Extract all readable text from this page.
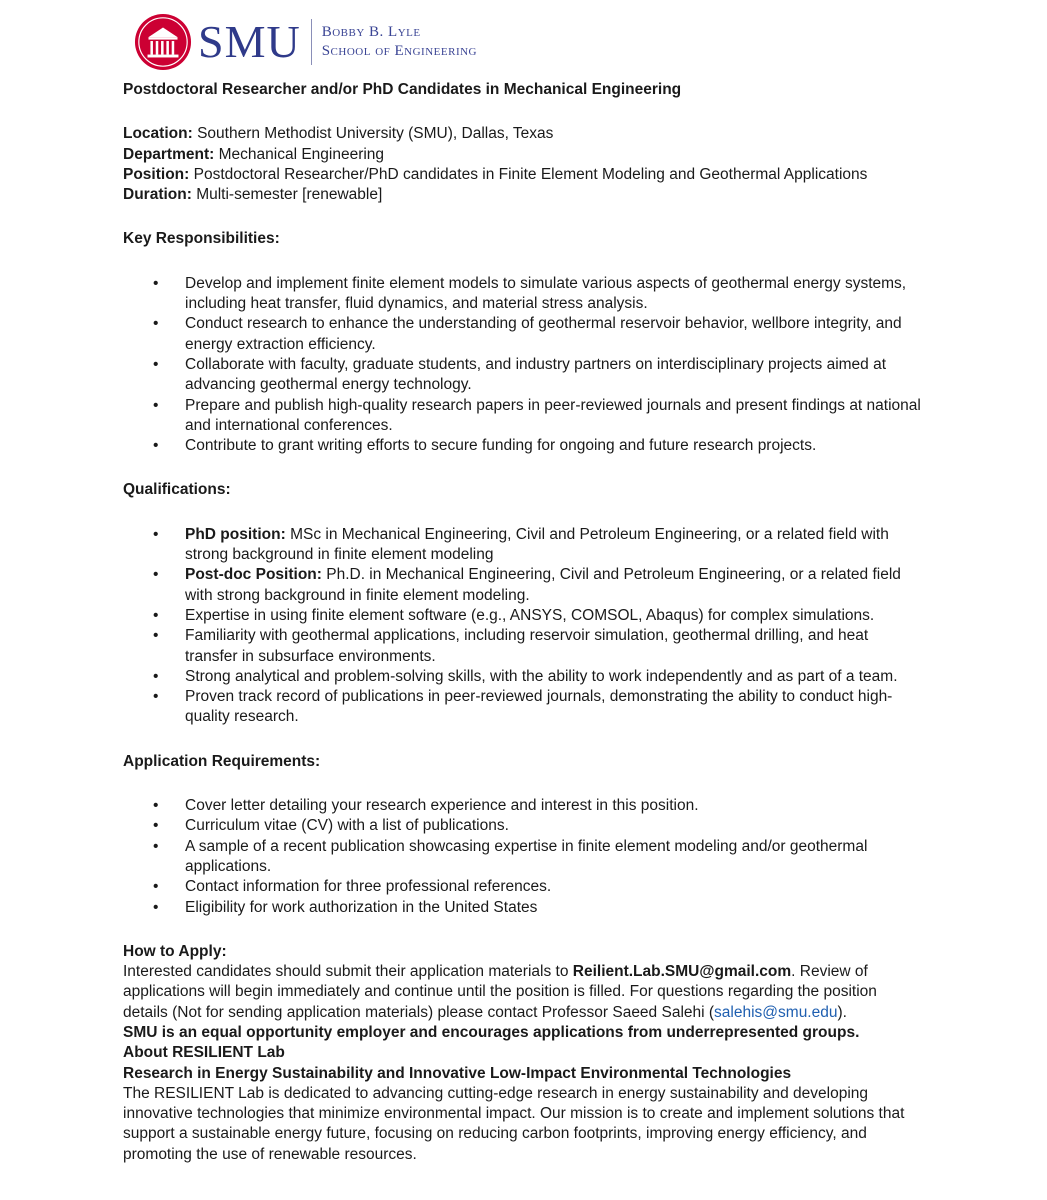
SMU Bobby B. Lyle
School of Engineering
Postdoctoral Researcher and/or PhD Candidates in Mechanical Engineering
Location: Southern Methodist University (SMU), Dallas, Texas
Department: Mechanical Engineering
Position: Postdoctoral Researcher/PhD candidates in Finite Element Modeling and Geothermal Applications Duration: Multi-semester [renewable]
Key Responsibilities:
• Develop and implement finite element models to simulate various aspects of geothermal energy systems, including heat transfer, fluid dynamics, and material stress analysis.
• Conduct research to enhance the understanding of geothermal reservoir behavior, wellbore integrity, and energy extraction efficiency.
• Collaborate with faculty, graduate students, and industry partners on interdisciplinary projects aimed at advancing geothermal energy technology.
• Prepare and publish high-quality research papers in peer-reviewed journals and present findings at national and international conferences.
• Contribute to grant writing efforts to secure funding for ongoing and future research projects.
Qualifications:
• PhD position: MSc in Mechanical Engineering, Civil and Petroleum Engineering, or a related field with strong background in finite element modeling
• Post-doc Position: Ph.D. in Mechanical Engineering, Civil and Petroleum Engineering, or a related field with strong background in finite element modeling.
• Expertise in using finite element software (e.g., ANSYS, COMSOL, Abaqus) for complex simulations.
• Familiarity with geothermal applications, including reservoir simulation, geothermal drilling, and heat transfer in subsurface environments.
• Strong analytical and problem-solving skills, with the ability to work independently and as part of a team.
• Proven track record of publications in peer-reviewed journals, demonstrating the ability to conduct high-quality research.
Application Requirements:
• Cover letter detailing your research experience and interest in this position.
• Curriculum vitae (CV) with a list of publications.
• A sample of a recent publication showcasing expertise in finite element modeling and/or geothermal applications.
• Contact information for three professional references.
• Eligibility for work authorization in the United States

How to Apply:

Interested candidates should submit their application materials to Reilient.Lab.SMU@gmail.com. Review of applications will begin immediately and continue until the position is filled. For questions regarding the position details (Not for sending application materials) please contact Professor Saeed Salehi (salehis@smu.edu).

SMU is an equal opportunity employer and encourages applications from underrepresented groups.

About RESILIENT Lab

Research in Energy Sustainability and Innovative Low-Impact Environmental Technologies

The RESILIENT Lab is dedicated to advancing cutting-edge research in energy sustainability and developing innovative technologies that minimize environmental impact. Our mission is to create and implement solutions that support a sustainable energy future, focusing on reducing carbon footprints, improving energy efficiency, and promoting the use of renewable resources.
